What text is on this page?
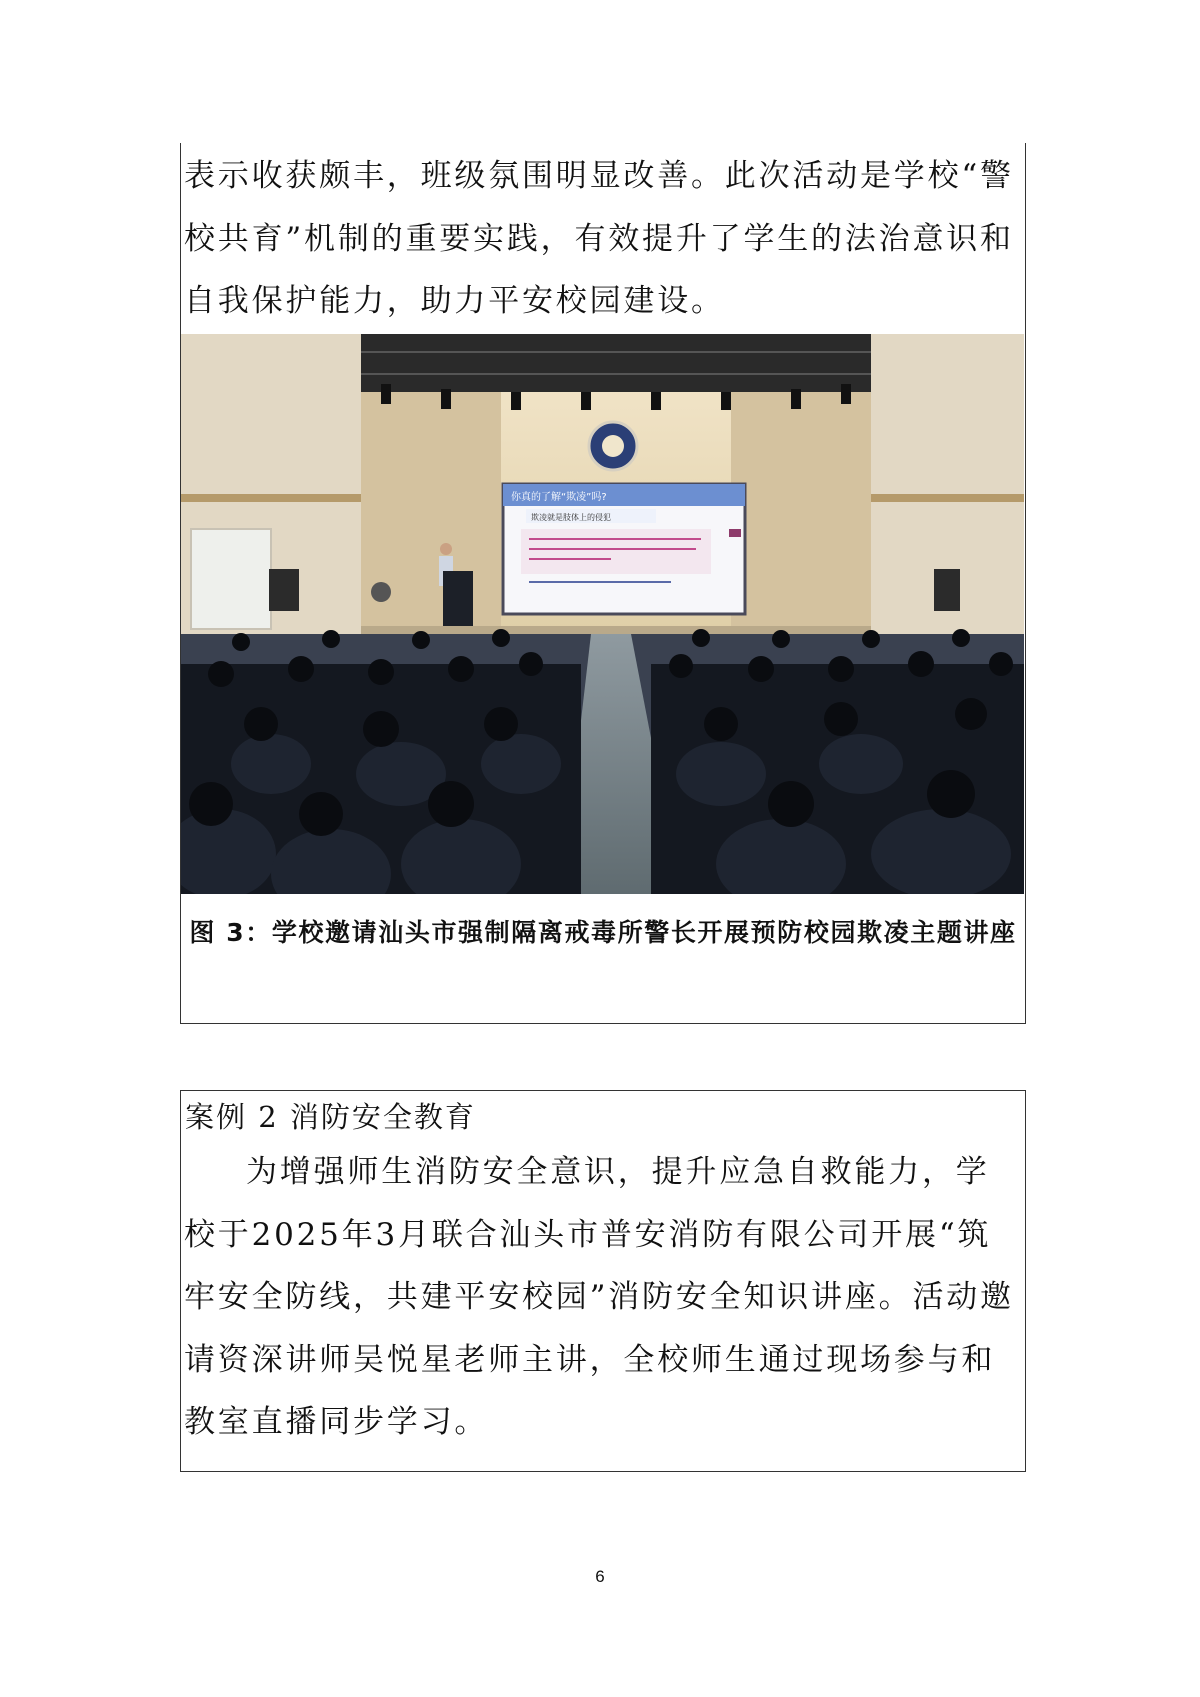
表示收获颇丰，班级氛围明显改善。此次活动是学校“警校共育”机制的重要实践，有效提升了学生的法治意识和自我保护能力，助力平安校园建设。

你真的了解“欺凌”吗?
欺凌就是肢体上的侵犯

图 3：学校邀请汕头市强制隔离戒毒所警长开展预防校园欺凌主题讲座

案例 2 消防安全教育

为增强师生消防安全意识，提升应急自救能力，学校于2025年3月联合汕头市普安消防有限公司开展“筑牢安全防线，共建平安校园”消防安全知识讲座。活动邀请资深讲师吴悦星老师主讲，全校师生通过现场参与和教室直播同步学习。

6
